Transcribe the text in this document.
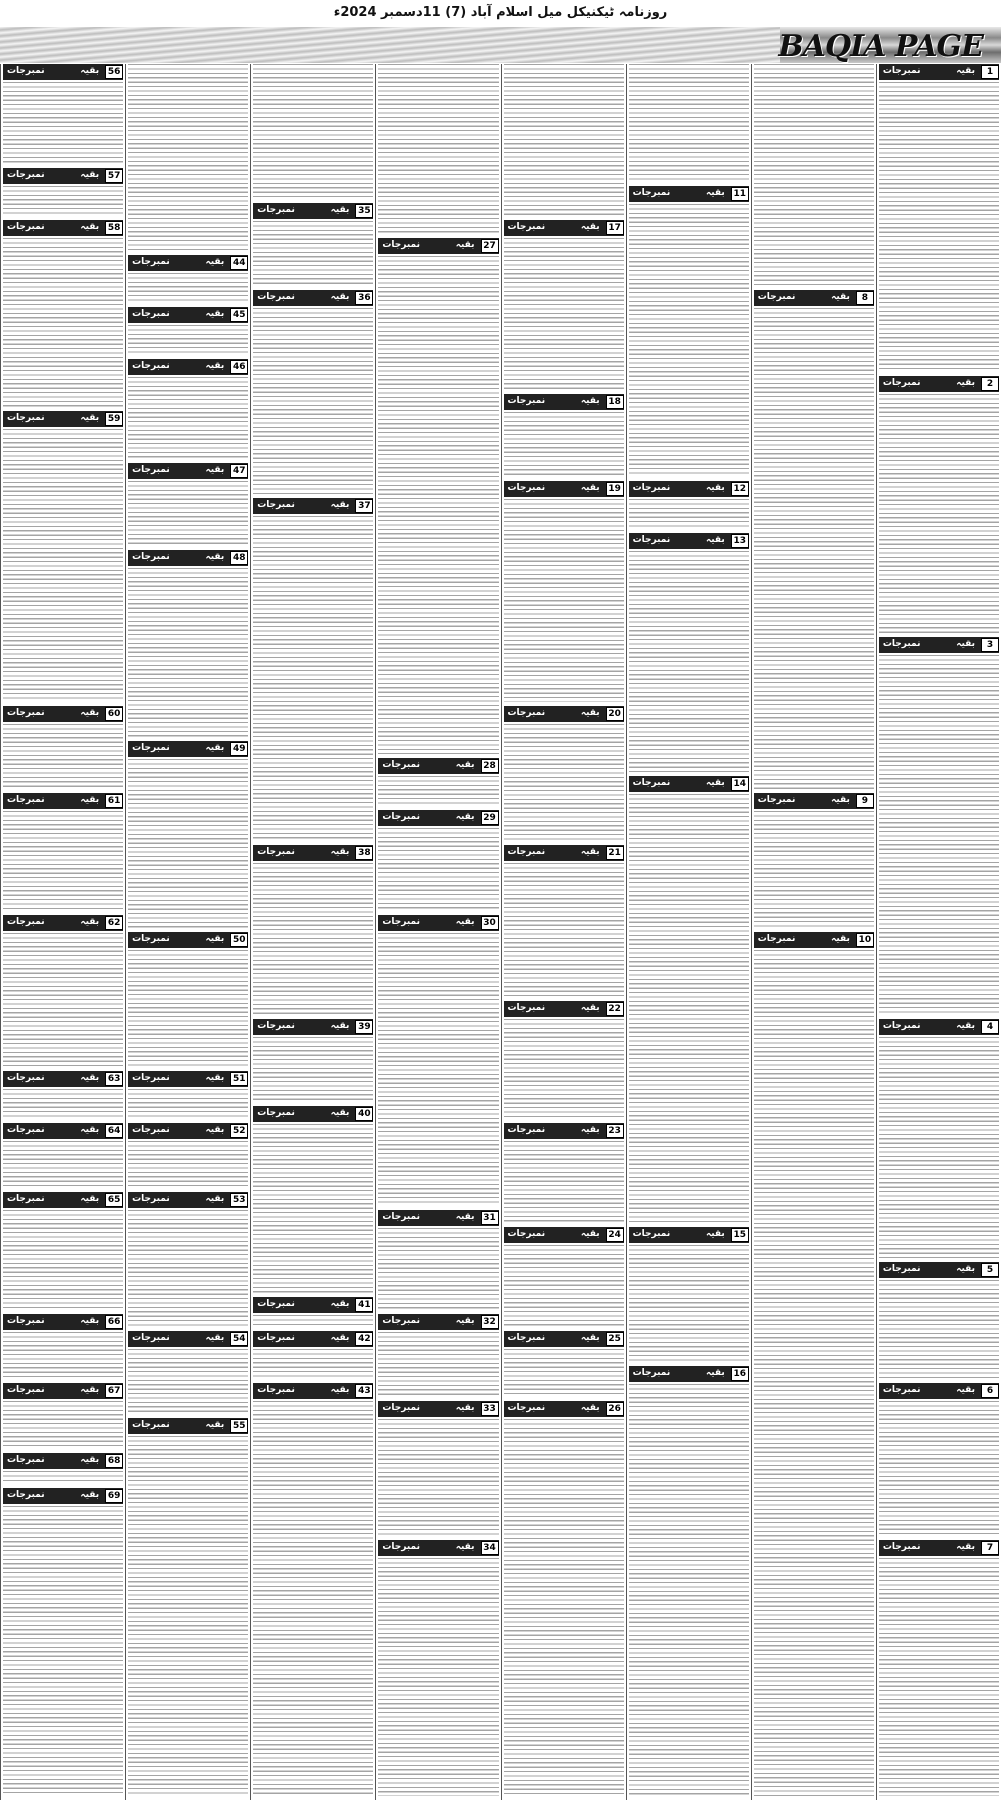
روزنامہ ٹیکنیکل میل اسلام آباد (7) 11دسمبر 2024ء
BAQIA PAGE
1
بقیہ
نمبرجات
2
بقیہ
نمبرجات
3
بقیہ
نمبرجات
4
بقیہ
نمبرجات
5
بقیہ
نمبرجات
6
بقیہ
نمبرجات
7
بقیہ
نمبرجات
8
بقیہ
نمبرجات
9
بقیہ
نمبرجات
10
بقیہ
نمبرجات
11
بقیہ
نمبرجات
12
بقیہ
نمبرجات
13
بقیہ
نمبرجات
14
بقیہ
نمبرجات
15
بقیہ
نمبرجات
16
بقیہ
نمبرجات
17
بقیہ
نمبرجات
18
بقیہ
نمبرجات
19
بقیہ
نمبرجات
20
بقیہ
نمبرجات
21
بقیہ
نمبرجات
22
بقیہ
نمبرجات
23
بقیہ
نمبرجات
24
بقیہ
نمبرجات
25
بقیہ
نمبرجات
26
بقیہ
نمبرجات
27
بقیہ
نمبرجات
28
بقیہ
نمبرجات
29
بقیہ
نمبرجات
30
بقیہ
نمبرجات
31
بقیہ
نمبرجات
32
بقیہ
نمبرجات
33
بقیہ
نمبرجات
34
بقیہ
نمبرجات
35
بقیہ
نمبرجات
36
بقیہ
نمبرجات
37
بقیہ
نمبرجات
38
بقیہ
نمبرجات
39
بقیہ
نمبرجات
40
بقیہ
نمبرجات
41
بقیہ
نمبرجات
42
بقیہ
نمبرجات
43
بقیہ
نمبرجات
44
بقیہ
نمبرجات
45
بقیہ
نمبرجات
46
بقیہ
نمبرجات
47
بقیہ
نمبرجات
48
بقیہ
نمبرجات
49
بقیہ
نمبرجات
50
بقیہ
نمبرجات
51
بقیہ
نمبرجات
52
بقیہ
نمبرجات
53
بقیہ
نمبرجات
54
بقیہ
نمبرجات
55
بقیہ
نمبرجات
56
بقیہ
نمبرجات
57
بقیہ
نمبرجات
58
بقیہ
نمبرجات
59
بقیہ
نمبرجات
60
بقیہ
نمبرجات
61
بقیہ
نمبرجات
62
بقیہ
نمبرجات
63
بقیہ
نمبرجات
64
بقیہ
نمبرجات
65
بقیہ
نمبرجات
66
بقیہ
نمبرجات
67
بقیہ
نمبرجات
68
بقیہ
نمبرجات
69
بقیہ
نمبرجات
